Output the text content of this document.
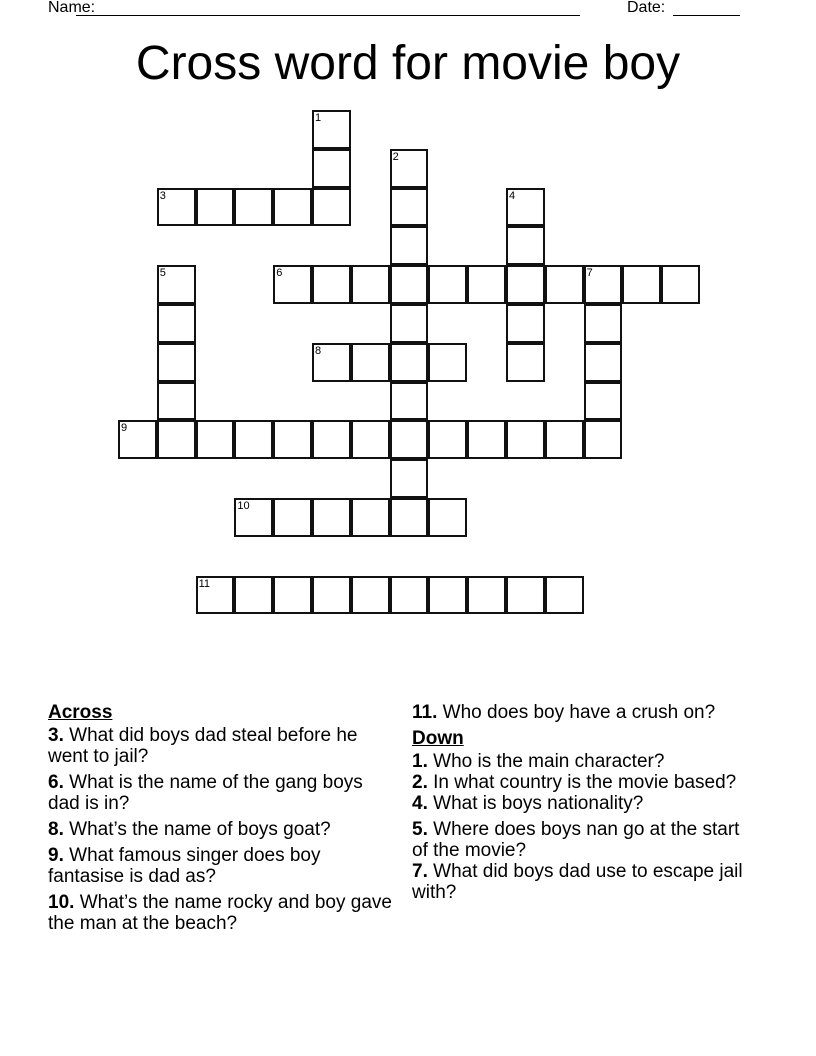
Name:	Date:
Cross word for movie boy
1
2
3	4
5	6	7
8
9
10
11
Across
3. What did boys dad steal before he went to jail?
6. What is the name of the gang boys dad is in?
8. What’s the name of boys goat?
9. What famous singer does boy fantasise is dad as?
10. What’s the name rocky and boy gave the man at the beach?
11. Who does boy have a crush on?
Down
1. Who is the main character?
2. In what country is the movie based?
4. What is boys nationality?
5. Where does boys nan go at the start of the movie?
7. What did boys dad use to escape jail with?
